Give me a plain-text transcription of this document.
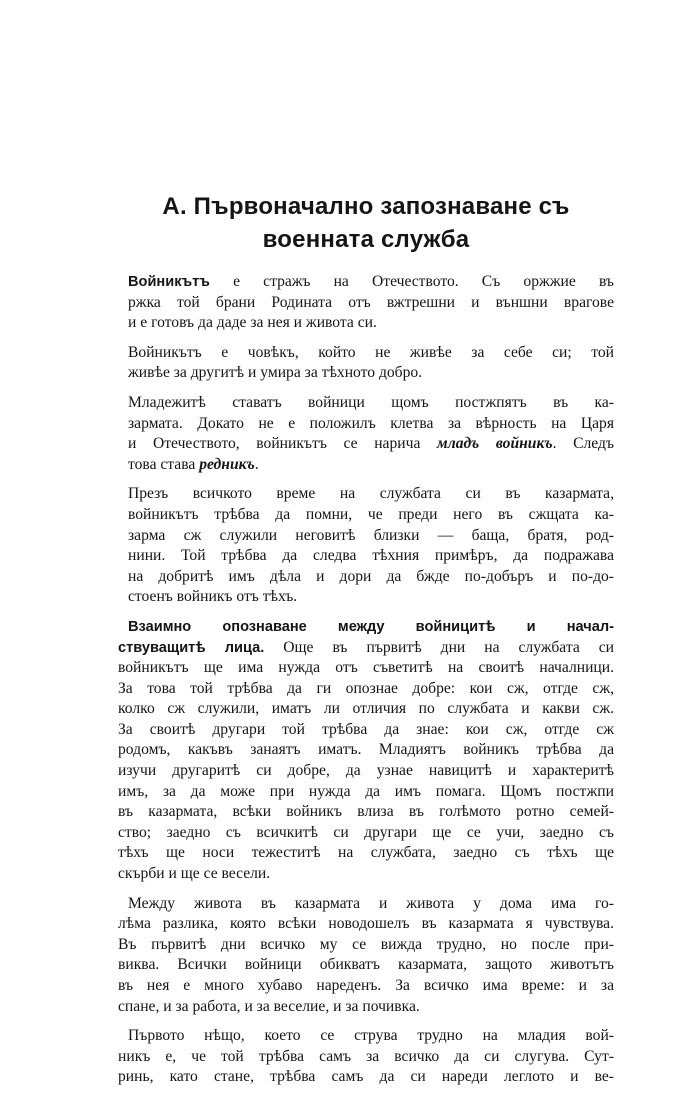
А. Първоначално запознаване съ
военната служба

Войникътъ е стражъ на Отечеството. Съ оржжие въ
ржка той брани Родината отъ вжтрешни и външни врагове
и е готовъ да даде за нея и живота си.

Войникътъ е човѣкъ, който не живѣе за себе си; той
живѣе за другитѣ и умира за тѣхното добро.

Младежитѣ ставатъ войници щомъ постжпятъ въ ка-
зармата. Докато не е положилъ клетва за вѣрность на Царя
и Отечеството, войникътъ се нарича младъ войникъ. Следъ
това става редникъ.

Презъ всичкото време на службата си въ казармата,
войникътъ трѣбва да помни, че преди него въ сжщата ка-
зарма сж служили неговитѣ близки — баща, братя, род-
нини. Той трѣбва да следва тѣхния примѣръ, да подражава
на добритѣ имъ дѣла и дори да бжде по-добъръ и по-до-
стоенъ войникъ отъ тѣхъ.

Взаимно опознаване между войницитѣ и начал-
ствуващитѣ лица. Още въ първитѣ дни на службата си
войникътъ ще има нужда отъ съветитѣ на своитѣ началници.
За това той трѣбва да ги опознае добре: кои сж, отгде сж,
колко сж служили, иматъ ли отличия по службата и какви сж.
За своитѣ другари той трѣбва да знае: кои сж, отгде сж
родомъ, какъвъ занаятъ иматъ. Младиятъ войникъ трѣбва да
изучи другаритѣ си добре, да узнае навицитѣ и характеритѣ
имъ, за да може при нужда да имъ помага. Щомъ постжпи
въ казармата, всѣки войникъ влиза въ голѣмото ротно семей-
ство; заедно съ всичкитѣ си другари ще се учи, заедно съ
тѣхъ ще носи тежеститѣ на службата, заедно съ тѣхъ ще
скърби и ще се весели.

Между живота въ казармата и живота у дома има го-
лѣма разлика, която всѣки новодошелъ въ казармата я чувствува.
Въ първитѣ дни всичко му се вижда трудно, но после при-
виква. Всички войници обикватъ казармата, защото животътъ
въ нея е много хубаво нареденъ. За всичко има време: и за
спане, и за работа, и за веселие, и за почивка.

Първото нѣщо, което се струва трудно на младия вой-
никъ е, че той трѣбва самъ за всичко да си слугува. Сут-
ринь, като стане, трѣбва самъ да си нареди леглото и ве-
